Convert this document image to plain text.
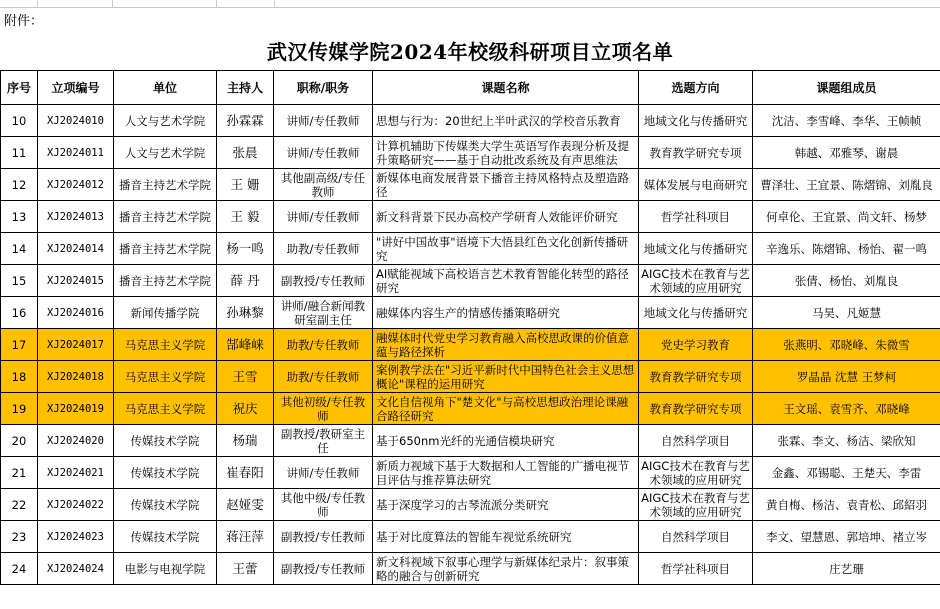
附件：
武汉传媒学院2024年校级科研项目立项名单
序号	立项编号	单位	主持人	职称/职务	课题名称	选题方向	课题组成员
10	XJ2024010	人文与艺术学院	孙霖霖	讲师/专任教师	思想与行为：20世纪上半叶武汉的学校音乐教育	地域文化与传播研究	沈洁、李雪峰、李华、王帧帧
11	XJ2024011	人文与艺术学院	张晨	讲师/专任教师	计算机辅助下传媒类大学生英语写作表现分析及提升策略研究——基于自动批改系统及有声思维法	教育教学研究专项	韩越、邓雅琴、谢晨
12	XJ2024012	播音主持艺术学院	王 姗	其他副高级/专任教师	新媒体电商发展背景下播音主持风格特点及塑造路径	媒体发展与电商研究	曹泽壮、王宜景、陈熠锦、刘胤良
13	XJ2024013	播音主持艺术学院	王 毅	讲师/专任教师	新文科背景下民办高校产学研育人效能评价研究	哲学社科项目	何卓伦、王宜景、尚文轩、杨梦
14	XJ2024014	播音主持艺术学院	杨一鸣	助教/专任教师	"讲好中国故事"语境下大悟县红色文化创新传播研究	地域文化与传播研究	辛逸乐、陈熠锦、杨怡、翟一鸣
15	XJ2024015	播音主持艺术学院	薛 丹	副教授/专任教师	AI赋能视域下高校语言艺术教育智能化转型的路径研究	AIGC技术在教育与艺术领域的应用研究	张倩、杨怡、刘胤良
16	XJ2024016	新闻传播学院	孙琳黎	讲师/融合新闻教研室副主任	融媒体内容生产的情感传播策略研究	地域文化与传播研究	马昊、凡姬慧
17	XJ2024017	马克思主义学院	郜峰崃	助教/专任教师	融媒体时代党史学习教育融入高校思政课的价值意蕴与路径探析	党史学习教育	张燕明、邓晓峰、朱微雪
18	XJ2024018	马克思主义学院	王雪	助教/专任教师	案例教学法在"习近平新时代中国特色社会主义思想概论"课程的运用研究	教育教学研究专项	罗晶晶 沈慧 王梦柯
19	XJ2024019	马克思主义学院	祝庆	其他初级/专任教师	文化自信视角下"楚文化"与高校思想政治理论课融合路径研究	教育教学研究专项	王文瑶、袁雪齐、邓晓峰
20	XJ2024020	传媒技术学院	杨瑞	副教授/教研室主任	基于650nm光纤的光通信模块研究	自然科学项目	张霖、李文、杨洁、梁欣知
21	XJ2024021	传媒技术学院	崔春阳	讲师/专任教师	新质力视域下基于大数据和人工智能的广播电视节目评估与推荐算法研究	AIGC技术在教育与艺术领域的应用研究	金鑫、邓锡聪、王楚天、李雷
22	XJ2024022	传媒技术学院	赵娅雯	其他中级/专任教师	基于深度学习的古琴流派分类研究	AIGC技术在教育与艺术领域的应用研究	黄自梅、杨洁、袁青松、邱紹羽
23	XJ2024023	传媒技术学院	蒋汪萍	副教授/专任教师	基于对比度算法的智能车视觉系统研究	自然科学项目	李文、望慧恩、郭培坤、褚立岑
24	XJ2024024	电影与电视学院	王蕾	副教授/专任教师	新文科视域下叙事心理学与新媒体纪录片：叙事策略的融合与创新研究	哲学社科项目	庄艺珊
